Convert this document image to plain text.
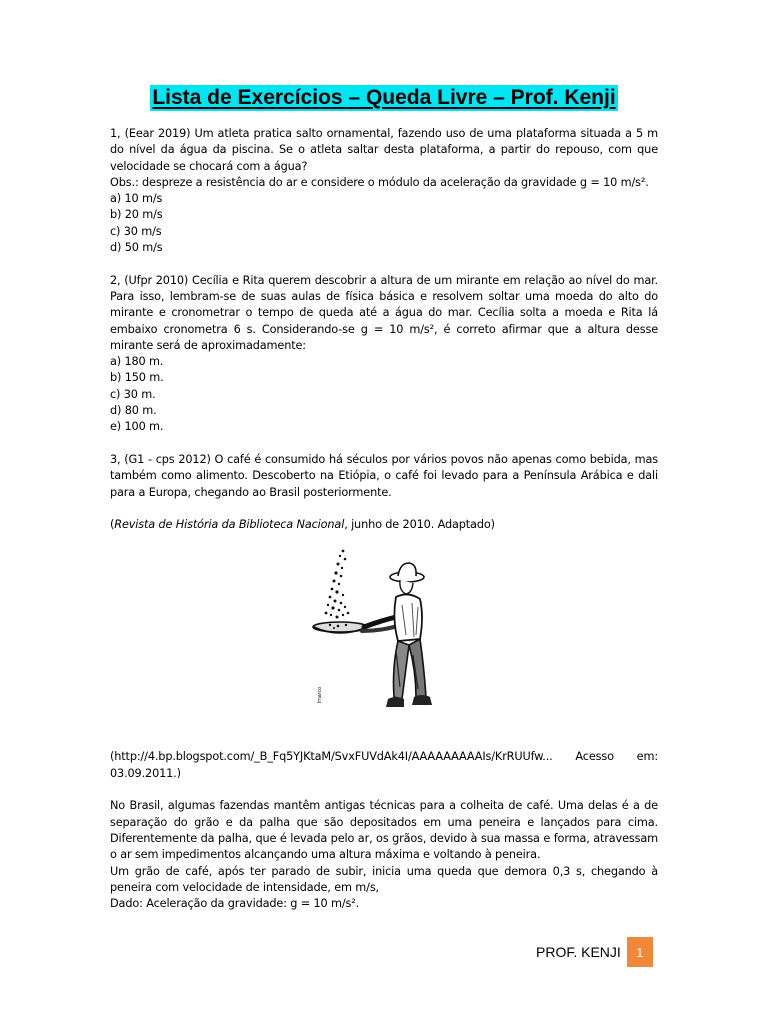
Lista de Exercícios – Queda Livre – Prof. Kenji

1, (Eear 2019) Um atleta pratica salto ornamental, fazendo uso de uma plataforma situada a 5 m do nível da água da piscina. Se o atleta saltar desta plataforma, a partir do repouso, com que velocidade se chocará com a água?

Obs.: despreze a resistência do ar e considere o módulo da aceleração da gravidade g = 10 m/s².

a) 10 m/s

b) 20 m/s

c) 30 m/s

d) 50 m/s

2, (Ufpr 2010) Cecília e Rita querem descobrir a altura de um mirante em relação ao nível do mar. Para isso, lembram-se de suas aulas de física básica e resolvem soltar uma moeda do alto do mirante e cronometrar o tempo de queda até a água do mar. Cecília solta a moeda e Rita lá embaixo cronometra 6 s. Considerando-se g = 10 m/s², é correto afirmar que a altura desse mirante será de aproximadamente:

a) 180 m.

b) 150 m.

c) 30 m.

d) 80 m.

e) 100 m.

3, (G1 - cps 2012) O café é consumido há séculos por vários povos não apenas como bebida, mas também como alimento. Descoberto na Etiópia, o café foi levado para a Península Arábica e dali para a Europa, chegando ao Brasil posteriormente.

(Revista de História da Biblioteca Nacional, junho de 2010. Adaptado)

Imarco

(http://4.bp.blogspot.com/_B_Fq5YJKtaM/SvxFUVdAk4I/AAAAAAAAAIs/KrRUUfw... Acesso em: 03.09.2011.)

No Brasil, algumas fazendas mantêm antigas técnicas para a colheita de café. Uma delas é a de separação do grão e da palha que são depositados em uma peneira e lançados para cima. Diferentemente da palha, que é levada pelo ar, os grãos, devido à sua massa e forma, atravessam o ar sem impedimentos alcançando uma altura máxima e voltando à peneira.

Um grão de café, após ter parado de subir, inicia uma queda que demora 0,3 s, chegando à peneira com velocidade de intensidade, em m/s,

Dado: Aceleração da gravidade: g = 10 m/s².

PROF. KENJI	1
